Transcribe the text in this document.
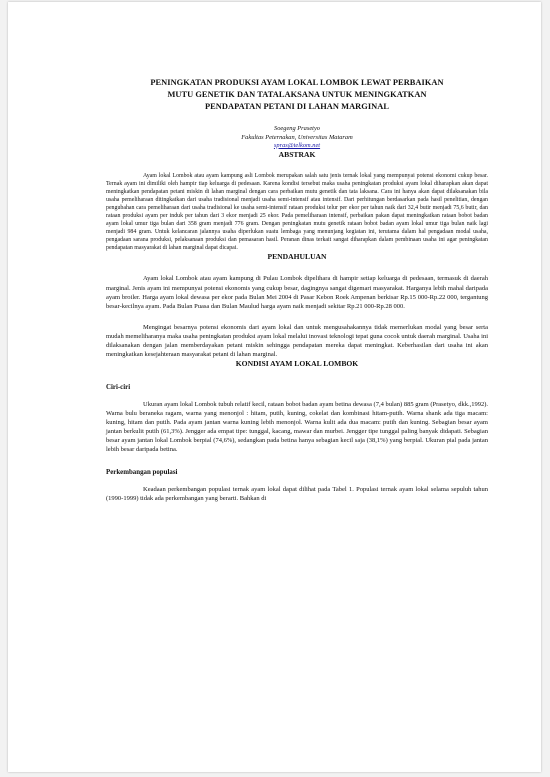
PENINGKATAN PRODUKSI AYAM LOKAL LOMBOK LEWAT PERBAIKAN

MUTU GENETIK DAN TATALAKSANA UNTUK MENINGKATKAN

PENDAPATAN PETANI DI LAHAN MARGINAL

Soegeng Prasetyo
Fakultas Peternakan, Universitas Mataram
spras@telkom.net
ABSTRAK

Ayam lokal Lombok atau ayam kampung asli Lombok merupakan salah satu jenis ternak lokal yang mempunyai potensi ekonomi cukup besar. Ternak ayam ini dimiliki oleh hampir tiap keluarga di pedesaan. Karena kondisi tersebut maka usaha peningkatan produksi ayam lokal diharapkan akan dapat meningkatkan pendapatan petani miskin di lahan marginal dengan cara perbaikan mutu genetik dan tata laksana. Cara ini hanya akan dapat dilaksanakan bila usaha pemeliharaan ditingkatkan dari usaha tradisional menjadi usaha semi-intensif atau intensif. Dari perhitungan berdasarkan pada hasil penelitian, dengan pengubahan cara pemeliharaan dari usaha tradisional ke usaha semi-intensif rataan produksi telur per ekor per tahun naik dari 32,4 butir menjadi 75,6 butir, dan rataan produksi ayam per induk per tahun dari 3 ekor menjadi 25 ekor. Pada pemeliharaan intensif, perbaikan pakan dapat meningkatkan rataan bobot badan ayam lokal umur tiga bulan dari 358 gram menjadi 776 gram. Dengan peningkatan mutu genetik rataan bobot badan ayam lokal umur tiga bulan naik lagi menjadi 984 gram. Untuk kelancaran jalannya usaha diperlukan suatu lembaga yang menunjang kegiatan ini, terutama dalam hal pengadaan modal usaha, pengadaan sarana produksi, pelaksanaan produksi dan pemasaran hasil. Peranan dinas terkait sangat diharapkan dalam pembinaan usaha ini agar peningkatan pendapatan masyarakat di lahan marginal dapat dicapai.

PENDAHULUAN

Ayam lokal Lombok atau ayam kampung di Pulau Lombok dipelihara di hampir setiap keluarga di pedesaan, termasuk di daerah marginal. Jenis ayam ini mempunyai potensi ekonomis yang cukup besar, dagingnya sangat digemari masyarakat. Harganya lebih mahal daripada ayam broiler. Harga ayam lokal dewasa per ekor pada Bulan Mei 2004 di Pasar Kebon Roek Ampenan berkisar Rp.15 000-Rp.22 000, tergantung besar-kecilnya ayam. Pada Bulan Puasa dan Bulan Maulud harga ayam naik menjadi sekitar Rp.21 000-Rp.28 000.

Mengingat besarnya potensi ekonomis dari ayam lokal dan untuk mengusahakannya tidak memerlukan modal yang besar serta mudah memeliharanya maka usaha peningkatan produksi ayam lokal melalui inovasi teknologi tepat guna cocok untuk daerah marginal. Usaha ini dilaksanakan dengan jalan memberdayakan petani miskin sehingga pendapatan mereka dapat meningkat. Keberhasilan dari usaha ini akan meningkatkan kesejahteraan masyarakat petani di lahan marginal.

KONDISI AYAM LOKAL LOMBOK
Ciri-ciri

Ukuran ayam lokal Lombok tubuh relatif kecil, rataan bobot badan ayam betina dewasa (7,4 bulan) 885 gram (Prasetyo, dkk.,1992). Warna bulu beraneka ragam, warna yang menonjol : hitam, putih, kuning, cokelat dan kombinasi hitam-putih. Warna shank ada tiga macam: kuning, hitam dan putih. Pada ayam jantan warna kuning lebih menonjol. Warna kulit ada dua macam: putih dan kuning. Sebagian besar ayam jantan berkulit putih (61,3%). Jengger ada empat tipe: tunggal, kacang, mawar dan murbei. Jengger tipe tunggal paling banyak didapati. Sebagian besar ayam jantan lokal Lombok berpial (74,6%), sedangkan pada betina hanya sebagian kecil saja (38,1%) yang berpial. Ukuran pial pada jantan lebih besar daripada betina.

Perkembangan populasi

Keadaan perkembangan populasi ternak ayam lokal dapat dilihat pada Tabel 1. Populasi ternak ayam lokal selama sepuluh tahun (1990-1999) tidak ada perkembangan yang berarti. Bahkan di
